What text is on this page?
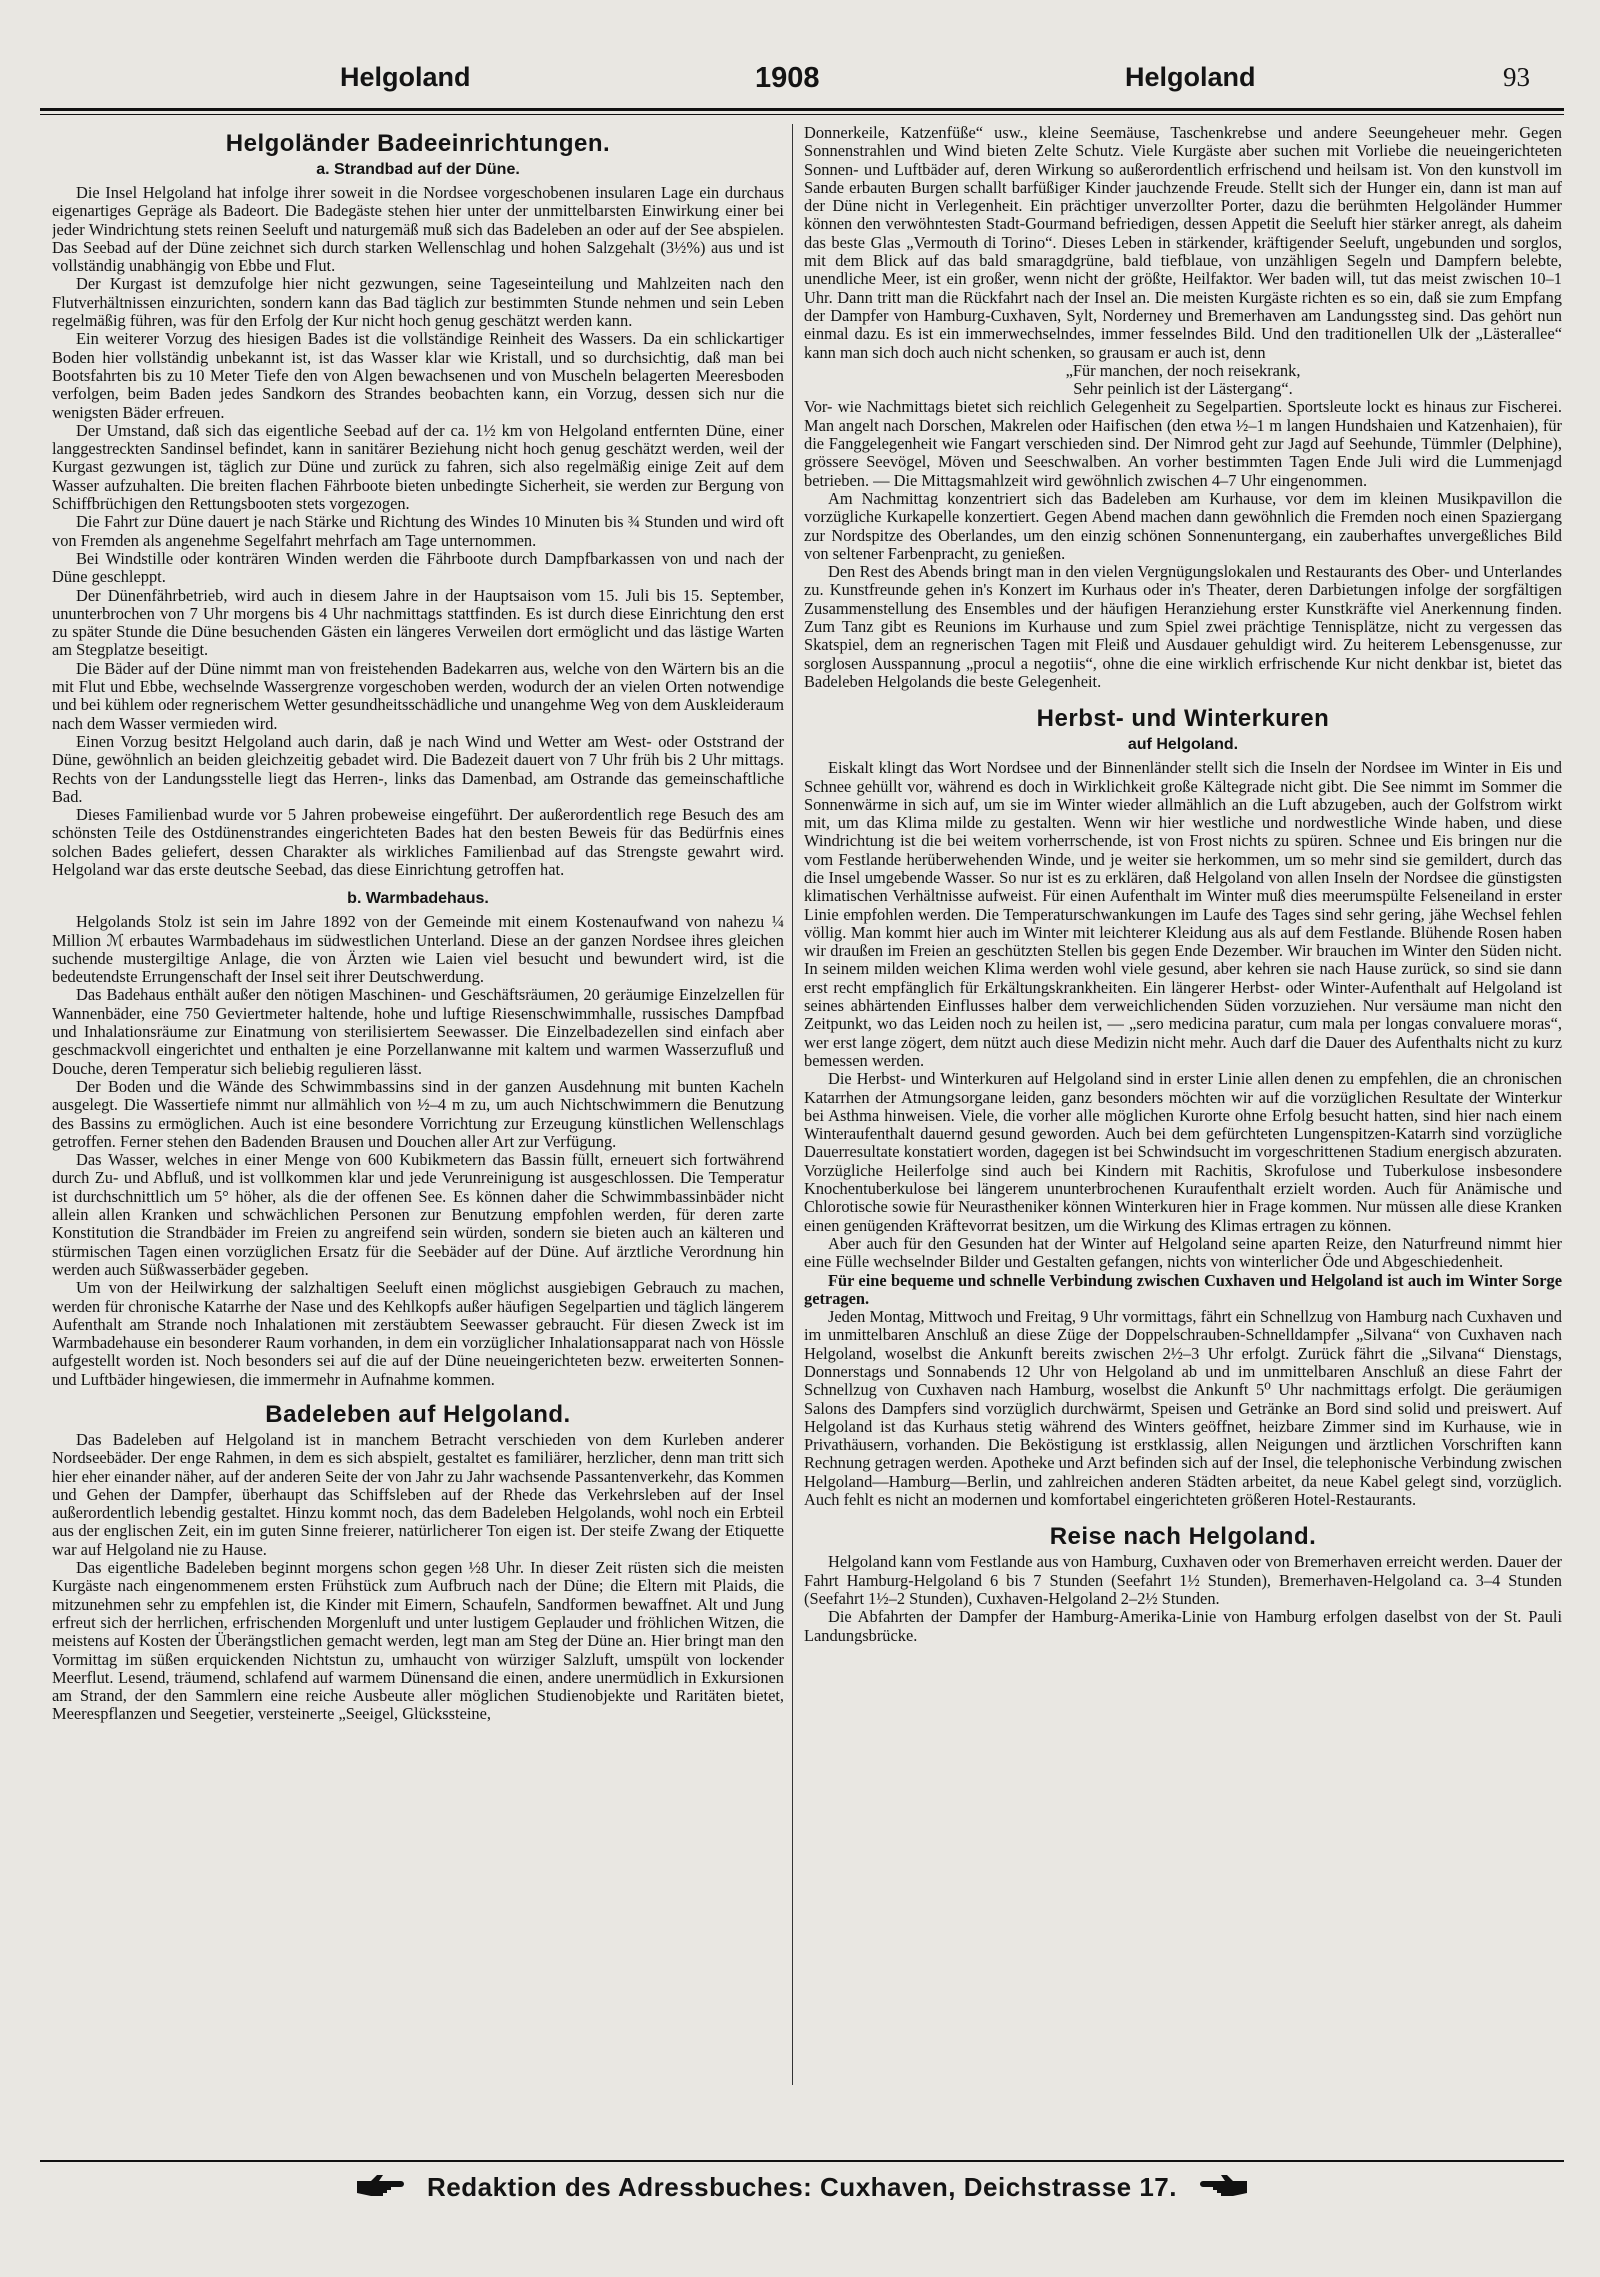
Helgoland	1908	Helgoland	93
Helgoländer Badeeinrichtungen.
a. Strandbad auf der Düne.

Die Insel Helgoland hat infolge ihrer soweit in die Nordsee vorgeschobenen insularen Lage ein durchaus eigenartiges Gepräge als Badeort. Die Badegäste stehen hier unter der unmittelbarsten Einwirkung einer bei jeder Windrichtung stets reinen Seeluft und naturgemäß muß sich das Badeleben an oder auf der See abspielen. Das Seebad auf der Düne zeichnet sich durch starken Wellenschlag und hohen Salzgehalt (3½%) aus und ist vollständig unabhängig von Ebbe und Flut.

Der Kurgast ist demzufolge hier nicht gezwungen, seine Tageseinteilung und Mahlzeiten nach den Flutverhältnissen einzurichten, sondern kann das Bad täglich zur bestimmten Stunde nehmen und sein Leben regelmäßig führen, was für den Erfolg der Kur nicht hoch genug geschätzt werden kann.

Ein weiterer Vorzug des hiesigen Bades ist die vollständige Reinheit des Wassers. Da ein schlickartiger Boden hier vollständig unbekannt ist, ist das Wasser klar wie Kristall, und so durchsichtig, daß man bei Bootsfahrten bis zu 10 Meter Tiefe den von Algen bewachsenen und von Muscheln belagerten Meeresboden verfolgen, beim Baden jedes Sandkorn des Strandes beobachten kann, ein Vorzug, dessen sich nur die wenigsten Bäder erfreuen.

Der Umstand, daß sich das eigentliche Seebad auf der ca. 1½ km von Helgoland entfernten Düne, einer langgestreckten Sandinsel befindet, kann in sanitärer Beziehung nicht hoch genug geschätzt werden, weil der Kurgast gezwungen ist, täglich zur Düne und zurück zu fahren, sich also regelmäßig einige Zeit auf dem Wasser aufzuhalten. Die breiten flachen Fährboote bieten unbedingte Sicherheit, sie werden zur Bergung von Schiffbrüchigen den Rettungsbooten stets vorgezogen.

Die Fahrt zur Düne dauert je nach Stärke und Richtung des Windes 10 Minuten bis ¾ Stunden und wird oft von Fremden als angenehme Segelfahrt mehrfach am Tage unternommen.

Bei Windstille oder konträren Winden werden die Fährboote durch Dampfbarkassen von und nach der Düne geschleppt.

Der Dünenfährbetrieb, wird auch in diesem Jahre in der Hauptsaison vom 15. Juli bis 15. September, ununterbrochen von 7 Uhr morgens bis 4 Uhr nachmittags stattfinden. Es ist durch diese Einrichtung den erst zu später Stunde die Düne besuchenden Gästen ein längeres Verweilen dort ermöglicht und das lästige Warten am Stegplatze beseitigt.

Die Bäder auf der Düne nimmt man von freistehenden Badekarren aus, welche von den Wärtern bis an die mit Flut und Ebbe, wechselnde Wassergrenze vorgeschoben werden, wodurch der an vielen Orten notwendige und bei kühlem oder regnerischem Wetter gesundheitsschädliche und unangehme Weg von dem Auskleideraum nach dem Wasser vermieden wird.

Einen Vorzug besitzt Helgoland auch darin, daß je nach Wind und Wetter am West- oder Oststrand der Düne, gewöhnlich an beiden gleichzeitig gebadet wird. Die Badezeit dauert von 7 Uhr früh bis 2 Uhr mittags. Rechts von der Landungsstelle liegt das Herren-, links das Damenbad, am Ostrande das gemeinschaftliche Bad.

Dieses Familienbad wurde vor 5 Jahren probeweise eingeführt. Der außerordentlich rege Besuch des am schönsten Teile des Ostdünenstrandes eingerichteten Bades hat den besten Beweis für das Bedürfnis eines solchen Bades geliefert, dessen Charakter als wirkliches Familienbad auf das Strengste gewahrt wird. Helgoland war das erste deutsche Seebad, das diese Einrichtung getroffen hat.

b. Warmbadehaus.

Helgolands Stolz ist sein im Jahre 1892 von der Gemeinde mit einem Kostenaufwand von nahezu ¼ Million ℳ erbautes Warmbadehaus im südwestlichen Unterland. Diese an der ganzen Nordsee ihres gleichen suchende mustergiltige Anlage, die von Ärzten wie Laien viel besucht und bewundert wird, ist die bedeutendste Errungenschaft der Insel seit ihrer Deutschwerdung.

Das Badehaus enthält außer den nötigen Maschinen- und Geschäftsräumen, 20 geräumige Einzelzellen für Wannenbäder, eine 750 Geviertmeter haltende, hohe und luftige Riesenschwimmhalle, russisches Dampfbad und Inhalationsräume zur Einatmung von sterilisiertem Seewasser. Die Einzelbadezellen sind einfach aber geschmackvoll eingerichtet und enthalten je eine Porzellanwanne mit kaltem und warmen Wasserzufluß und Douche, deren Temperatur sich beliebig regulieren lässt.

Der Boden und die Wände des Schwimmbassins sind in der ganzen Ausdehnung mit bunten Kacheln ausgelegt. Die Wassertiefe nimmt nur allmählich von ½–4 m zu, um auch Nichtschwimmern die Benutzung des Bassins zu ermöglichen. Auch ist eine besondere Vorrichtung zur Erzeugung künstlichen Wellenschlags getroffen. Ferner stehen den Badenden Brausen und Douchen aller Art zur Verfügung.

Das Wasser, welches in einer Menge von 600 Kubikmetern das Bassin füllt, erneuert sich fortwährend durch Zu- und Abfluß, und ist vollkommen klar und jede Verunreinigung ist ausgeschlossen. Die Temperatur ist durchschnittlich um 5° höher, als die der offenen See. Es können daher die Schwimmbassinbäder nicht allein allen Kranken und schwächlichen Personen zur Benutzung empfohlen werden, für deren zarte Konstitution die Strandbäder im Freien zu angreifend sein würden, sondern sie bieten auch an kälteren und stürmischen Tagen einen vorzüglichen Ersatz für die Seebäder auf der Düne. Auf ärztliche Verordnung hin werden auch Süßwasserbäder gegeben.

Um von der Heilwirkung der salzhaltigen Seeluft einen möglichst ausgiebigen Gebrauch zu machen, werden für chronische Katarrhe der Nase und des Kehlkopfs außer häufigen Segelpartien und täglich längerem Aufenthalt am Strande noch Inhalationen mit zerstäubtem Seewasser gebraucht. Für diesen Zweck ist im Warmbadehause ein besonderer Raum vorhanden, in dem ein vorzüglicher Inhalationsapparat nach von Hössle aufgestellt worden ist. Noch besonders sei auf die auf der Düne neueingerichteten bezw. erweiterten Sonnen- und Luftbäder hingewiesen, die immermehr in Aufnahme kommen.

Badeleben auf Helgoland.

Das Badeleben auf Helgoland ist in manchem Betracht verschieden von dem Kurleben anderer Nordseebäder. Der enge Rahmen, in dem es sich abspielt, gestaltet es familiärer, herzlicher, denn man tritt sich hier eher einander näher, auf der anderen Seite der von Jahr zu Jahr wachsende Passantenverkehr, das Kommen und Gehen der Dampfer, überhaupt das Schiffsleben auf der Rhede das Verkehrsleben auf der Insel außerordentlich lebendig gestaltet. Hinzu kommt noch, das dem Badeleben Helgolands, wohl noch ein Erbteil aus der englischen Zeit, ein im guten Sinne freierer, natürlicherer Ton eigen ist. Der steife Zwang der Etiquette war auf Helgoland nie zu Hause.

Das eigentliche Badeleben beginnt morgens schon gegen ½8 Uhr. In dieser Zeit rüsten sich die meisten Kurgäste nach eingenommenem ersten Frühstück zum Aufbruch nach der Düne; die Eltern mit Plaids, die mitzunehmen sehr zu empfehlen ist, die Kinder mit Eimern, Schaufeln, Sandformen bewaffnet. Alt und Jung erfreut sich der herrlichen, erfrischenden Morgenluft und unter lustigem Geplauder und fröhlichen Witzen, die meistens auf Kosten der Überängstlichen gemacht werden, legt man am Steg der Düne an. Hier bringt man den Vormittag im süßen erquickenden Nichtstun zu, umhaucht von würziger Salzluft, umspült von lockender Meerflut. Lesend, träumend, schlafend auf warmem Dünensand die einen, andere unermüdlich in Exkursionen am Strand, der den Sammlern eine reiche Ausbeute aller möglichen Studienobjekte und Raritäten bietet, Meerespflanzen und Seegetier, versteinerte „Seeigel, Glückssteine,

Donnerkeile, Katzenfüße“ usw., kleine Seemäuse, Taschenkrebse und andere Seeungeheuer mehr. Gegen Sonnenstrahlen und Wind bieten Zelte Schutz. Viele Kurgäste aber suchen mit Vorliebe die neueingerichteten Sonnen- und Luftbäder auf, deren Wirkung so außerordentlich erfrischend und heilsam ist. Von den kunstvoll im Sande erbauten Burgen schallt barfüßiger Kinder jauchzende Freude. Stellt sich der Hunger ein, dann ist man auf der Düne nicht in Verlegenheit. Ein prächtiger unverzollter Porter, dazu die berühmten Helgoländer Hummer können den verwöhntesten Stadt-Gourmand befriedigen, dessen Appetit die Seeluft hier stärker anregt, als daheim das beste Glas „Vermouth di Torino“. Dieses Leben in stärkender, kräftigender Seeluft, ungebunden und sorglos, mit dem Blick auf das bald smaragdgrüne, bald tiefblaue, von unzähligen Segeln und Dampfern belebte, unendliche Meer, ist ein großer, wenn nicht der größte, Heilfaktor. Wer baden will, tut das meist zwischen 10–1 Uhr. Dann tritt man die Rückfahrt nach der Insel an. Die meisten Kurgäste richten es so ein, daß sie zum Empfang der Dampfer von Hamburg-Cuxhaven, Sylt, Norderney und Bremerhaven am Landungssteg sind. Das gehört nun einmal dazu. Es ist ein immerwechselndes, immer fesselndes Bild. Und den traditionellen Ulk der „Lästerallee“ kann man sich doch auch nicht schenken, so grausam er auch ist, denn

„Für manchen, der noch reisekrank,

Sehr peinlich ist der Lästergang“.

Vor- wie Nachmittags bietet sich reichlich Gelegenheit zu Segelpartien. Sportsleute lockt es hinaus zur Fischerei. Man angelt nach Dorschen, Makrelen oder Haifischen (den etwa ½–1 m langen Hundshaien und Katzenhaien), für die Fanggelegenheit wie Fangart verschieden sind. Der Nimrod geht zur Jagd auf Seehunde, Tümmler (Delphine), grössere Seevögel, Möven und Seeschwalben. An vorher bestimmten Tagen Ende Juli wird die Lummenjagd betrieben. — Die Mittagsmahlzeit wird gewöhnlich zwischen 4–7 Uhr eingenommen.

Am Nachmittag konzentriert sich das Badeleben am Kurhause, vor dem im kleinen Musikpavillon die vorzügliche Kurkapelle konzertiert. Gegen Abend machen dann gewöhnlich die Fremden noch einen Spaziergang zur Nordspitze des Oberlandes, um den einzig schönen Sonnenuntergang, ein zauberhaftes unvergeßliches Bild von seltener Farbenpracht, zu genießen.

Den Rest des Abends bringt man in den vielen Vergnügungslokalen und Restaurants des Ober- und Unterlandes zu. Kunstfreunde gehen in's Konzert im Kurhaus oder in's Theater, deren Darbietungen infolge der sorgfältigen Zusammenstellung des Ensembles und der häufigen Heranziehung erster Kunstkräfte viel Anerkennung finden. Zum Tanz gibt es Reunions im Kurhause und zum Spiel zwei prächtige Tennisplätze, nicht zu vergessen das Skatspiel, dem an regnerischen Tagen mit Fleiß und Ausdauer gehuldigt wird. Zu heiterem Lebensgenusse, zur sorglosen Ausspannung „procul a negotiis“, ohne die eine wirklich erfrischende Kur nicht denkbar ist, bietet das Badeleben Helgolands die beste Gelegenheit.

Herbst- und Winterkuren
auf Helgoland.

Eiskalt klingt das Wort Nordsee und der Binnenländer stellt sich die Inseln der Nordsee im Winter in Eis und Schnee gehüllt vor, während es doch in Wirklichkeit große Kältegrade nicht gibt. Die See nimmt im Sommer die Sonnenwärme in sich auf, um sie im Winter wieder allmählich an die Luft abzugeben, auch der Golfstrom wirkt mit, um das Klima milde zu gestalten. Wenn wir hier westliche und nordwestliche Winde haben, und diese Windrichtung ist die bei weitem vorherrschende, ist von Frost nichts zu spüren. Schnee und Eis bringen nur die vom Festlande herüberwehenden Winde, und je weiter sie herkommen, um so mehr sind sie gemildert, durch das die Insel umgebende Wasser. So nur ist es zu erklären, daß Helgoland von allen Inseln der Nordsee die günstigsten klimatischen Verhältnisse aufweist. Für einen Aufenthalt im Winter muß dies meerumspülte Felseneiland in erster Linie empfohlen werden. Die Temperaturschwankungen im Laufe des Tages sind sehr gering, jähe Wechsel fehlen völlig. Man kommt hier auch im Winter mit leichterer Kleidung aus als auf dem Festlande. Blühende Rosen haben wir draußen im Freien an geschützten Stellen bis gegen Ende Dezember. Wir brauchen im Winter den Süden nicht. In seinem milden weichen Klima werden wohl viele gesund, aber kehren sie nach Hause zurück, so sind sie dann erst recht empfänglich für Erkältungskrankheiten. Ein längerer Herbst- oder Winter-Aufenthalt auf Helgoland ist seines abhärtenden Einflusses halber dem verweichlichenden Süden vorzuziehen. Nur versäume man nicht den Zeitpunkt, wo das Leiden noch zu heilen ist, — „sero medicina paratur, cum mala per longas convaluere moras“, wer erst lange zögert, dem nützt auch diese Medizin nicht mehr. Auch darf die Dauer des Aufenthalts nicht zu kurz bemessen werden.

Die Herbst- und Winterkuren auf Helgoland sind in erster Linie allen denen zu empfehlen, die an chronischen Katarrhen der Atmungsorgane leiden, ganz besonders möchten wir auf die vorzüglichen Resultate der Winterkur bei Asthma hinweisen. Viele, die vorher alle möglichen Kurorte ohne Erfolg besucht hatten, sind hier nach einem Winteraufenthalt dauernd gesund geworden. Auch bei dem gefürchteten Lungenspitzen-Katarrh sind vorzügliche Dauerresultate konstatiert worden, dagegen ist bei Schwindsucht im vorgeschrittenen Stadium energisch abzuraten. Vorzügliche Heilerfolge sind auch bei Kindern mit Rachitis, Skrofulose und Tuberkulose insbesondere Knochentuberkulose bei längerem ununterbrochenen Kuraufenthalt erzielt worden. Auch für Anämische und Chlorotische sowie für Neurastheniker können Winterkuren hier in Frage kommen. Nur müssen alle diese Kranken einen genügenden Kräftevorrat besitzen, um die Wirkung des Klimas ertragen zu können.

Aber auch für den Gesunden hat der Winter auf Helgoland seine aparten Reize, den Naturfreund nimmt hier eine Fülle wechselnder Bilder und Gestalten gefangen, nichts von winterlicher Öde und Abgeschiedenheit.

Für eine bequeme und schnelle Verbindung zwischen Cuxhaven und Helgoland ist auch im Winter Sorge getragen.

Jeden Montag, Mittwoch und Freitag, 9 Uhr vormittags, fährt ein Schnellzug von Hamburg nach Cuxhaven und im unmittelbaren Anschluß an diese Züge der Doppelschrauben-Schnelldampfer „Silvana“ von Cuxhaven nach Helgoland, woselbst die Ankunft bereits zwischen 2½–3 Uhr erfolgt. Zurück fährt die „Silvana“ Dienstags, Donnerstags und Sonnabends 12 Uhr von Helgoland ab und im unmittelbaren Anschluß an diese Fahrt der Schnellzug von Cuxhaven nach Hamburg, woselbst die Ankunft 5⁰ Uhr nachmittags erfolgt. Die geräumigen Salons des Dampfers sind vorzüglich durchwärmt, Speisen und Getränke an Bord sind solid und preiswert. Auf Helgoland ist das Kurhaus stetig während des Winters geöffnet, heizbare Zimmer sind im Kurhause, wie in Privathäusern, vorhanden. Die Beköstigung ist erstklassig, allen Neigungen und ärztlichen Vorschriften kann Rechnung getragen werden. Apotheke und Arzt befinden sich auf der Insel, die telephonische Verbindung zwischen Helgoland—Hamburg—Berlin, und zahlreichen anderen Städten arbeitet, da neue Kabel gelegt sind, vorzüglich. Auch fehlt es nicht an modernen und komfortabel eingerichteten größeren Hotel-Restaurants.

Reise nach Helgoland.

Helgoland kann vom Festlande aus von Hamburg, Cuxhaven oder von Bremerhaven erreicht werden. Dauer der Fahrt Hamburg-Helgoland 6 bis 7 Stunden (Seefahrt 1½ Stunden), Bremerhaven-Helgoland ca. 3–4 Stunden (Seefahrt 1½–2 Stunden), Cuxhaven-Helgoland 2–2½ Stunden.

Die Abfahrten der Dampfer der Hamburg-Amerika-Linie von Hamburg erfolgen daselbst von der St. Pauli Landungsbrücke.

Redaktion des Adressbuches: Cuxhaven, Deichstrasse 17.
